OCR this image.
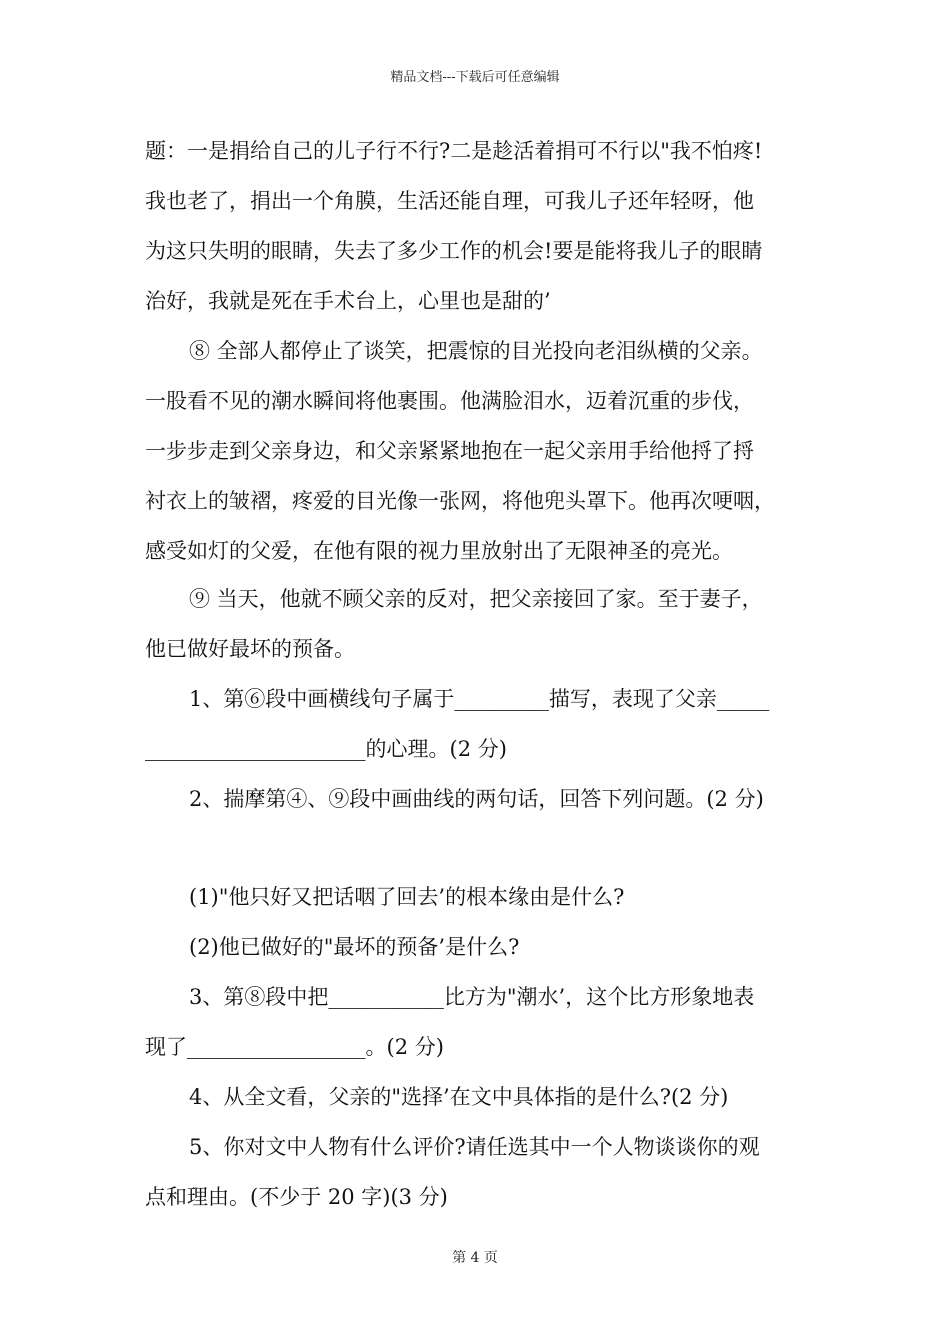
精品文档---下载后可任意编辑
题：一是捐给自己的儿子行不行?二是趁活着捐可不行以"我不怕疼!
我也老了，捐出一个角膜，生活还能自理，可我儿子还年轻呀，他
为这只失明的眼睛，失去了多少工作的机会!要是能将我儿子的眼睛
治好，我就是死在手术台上，心里也是甜的’
⑧ 全部人都停止了谈笑，把震惊的目光投向老泪纵横的父亲。
一股看不见的潮水瞬间将他裹围。他满脸泪水，迈着沉重的步伐，
一步步走到父亲身边，和父亲紧紧地抱在一起父亲用手给他捋了捋
衬衣上的皱褶，疼爱的目光像一张网，将他兜头罩下。他再次哽咽，
感受如灯的父爱，在他有限的视力里放射出了无限神圣的亮光。
⑨ 当天，他就不顾父亲的反对，把父亲接回了家。至于妻子，
他已做好最坏的预备。
1、第⑥段中画横线句子属于_________描写，表现了父亲_____
_____________________的心理。(2 分)
2、揣摩第④、⑨段中画曲线的两句话，回答下列问题。(2 分)
(1)"他只好又把话咽了回去’的根本缘由是什么?
(2)他已做好的"最坏的预备’是什么?
3、第⑧段中把___________比方为"潮水’，这个比方形象地表
现了_________________。(2 分)
4、从全文看，父亲的"选择’在文中具体指的是什么?(2 分)
5、你对文中人物有什么评价?请任选其中一个人物谈谈你的观
点和理由。(不少于 20 字)(3 分)
第 4 页
